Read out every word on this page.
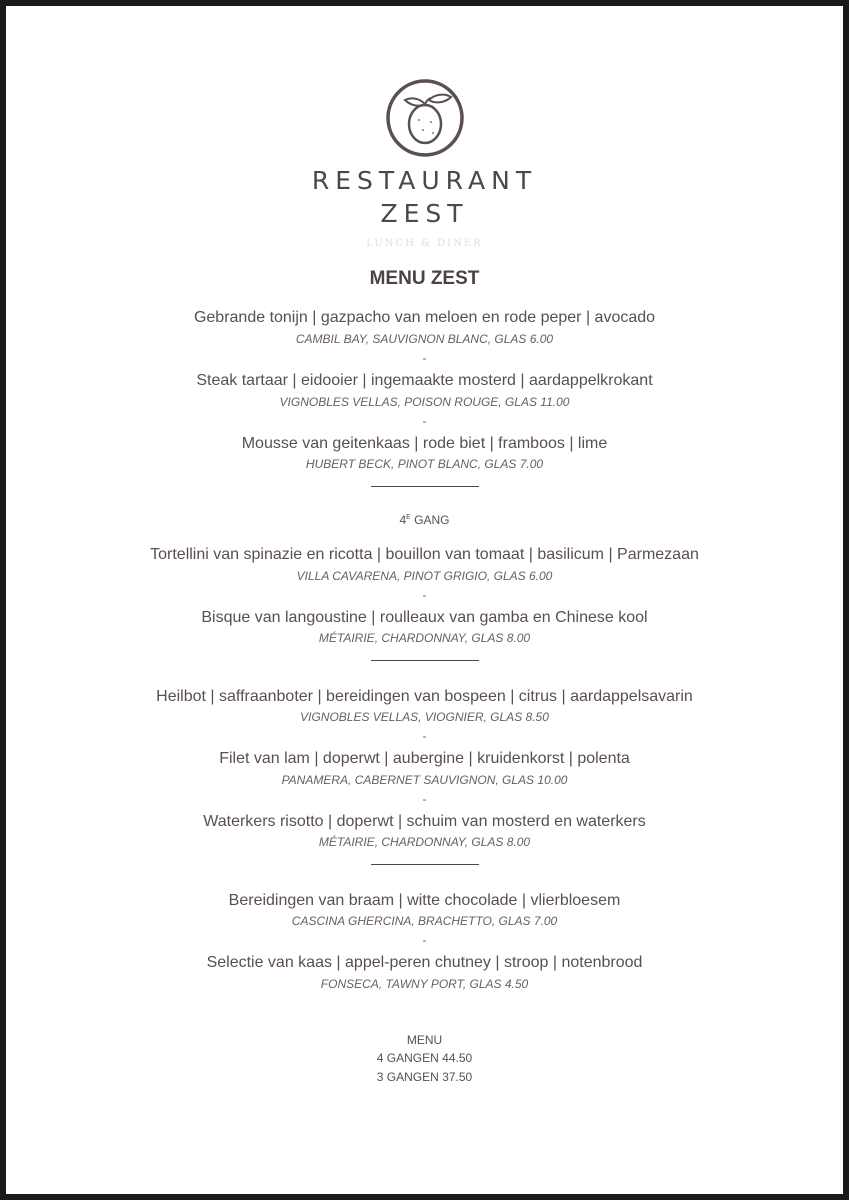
RESTAURANT
ZEST
LUNCH & DINER
MENU ZEST
Gebrande tonijn | gazpacho van meloen en rode peper | avocado
CAMBIL BAY, SAUVIGNON BLANC, GLAS 6.00
-
Steak tartaar | eidooier | ingemaakte mosterd | aardappelkrokant
VIGNOBLES VELLAS, POISON ROUGE, GLAS 11.00
-
Mousse van geitenkaas | rode biet | framboos | lime
HUBERT BECK, PINOT BLANC, GLAS 7.00
$4^E$ GANG
Tortellini van spinazie en ricotta | bouillon van tomaat | basilicum | Parmezaan
VILLA CAVARENA, PINOT GRIGIO, GLAS 6.00
-
Bisque van langoustine | roulleaux van gamba en Chinese kool
MÉTAIRIE, CHARDONNAY, GLAS 8.00
Heilbot | saffraanboter | bereidingen van bospeen | citrus | aardappelsavarin
VIGNOBLES VELLAS, VIOGNIER, GLAS 8.50
-
Filet van lam | doperwt | aubergine | kruidenkorst | polenta
PANAMERA, CABERNET SAUVIGNON, GLAS 10.00
-
Waterkers risotto | doperwt | schuim van mosterd en waterkers
MÉTAIRIE, CHARDONNAY, GLAS 8.00
Bereidingen van braam | witte chocolade | vlierbloesem
CASCINA GHERCINA, BRACHETTO, GLAS 7.00
-
Selectie van kaas | appel-peren chutney | stroop | notenbrood
FONSECA, TAWNY PORT, GLAS 4.50
MENU
4 GANGEN 44.50
3 GANGEN 37.50
